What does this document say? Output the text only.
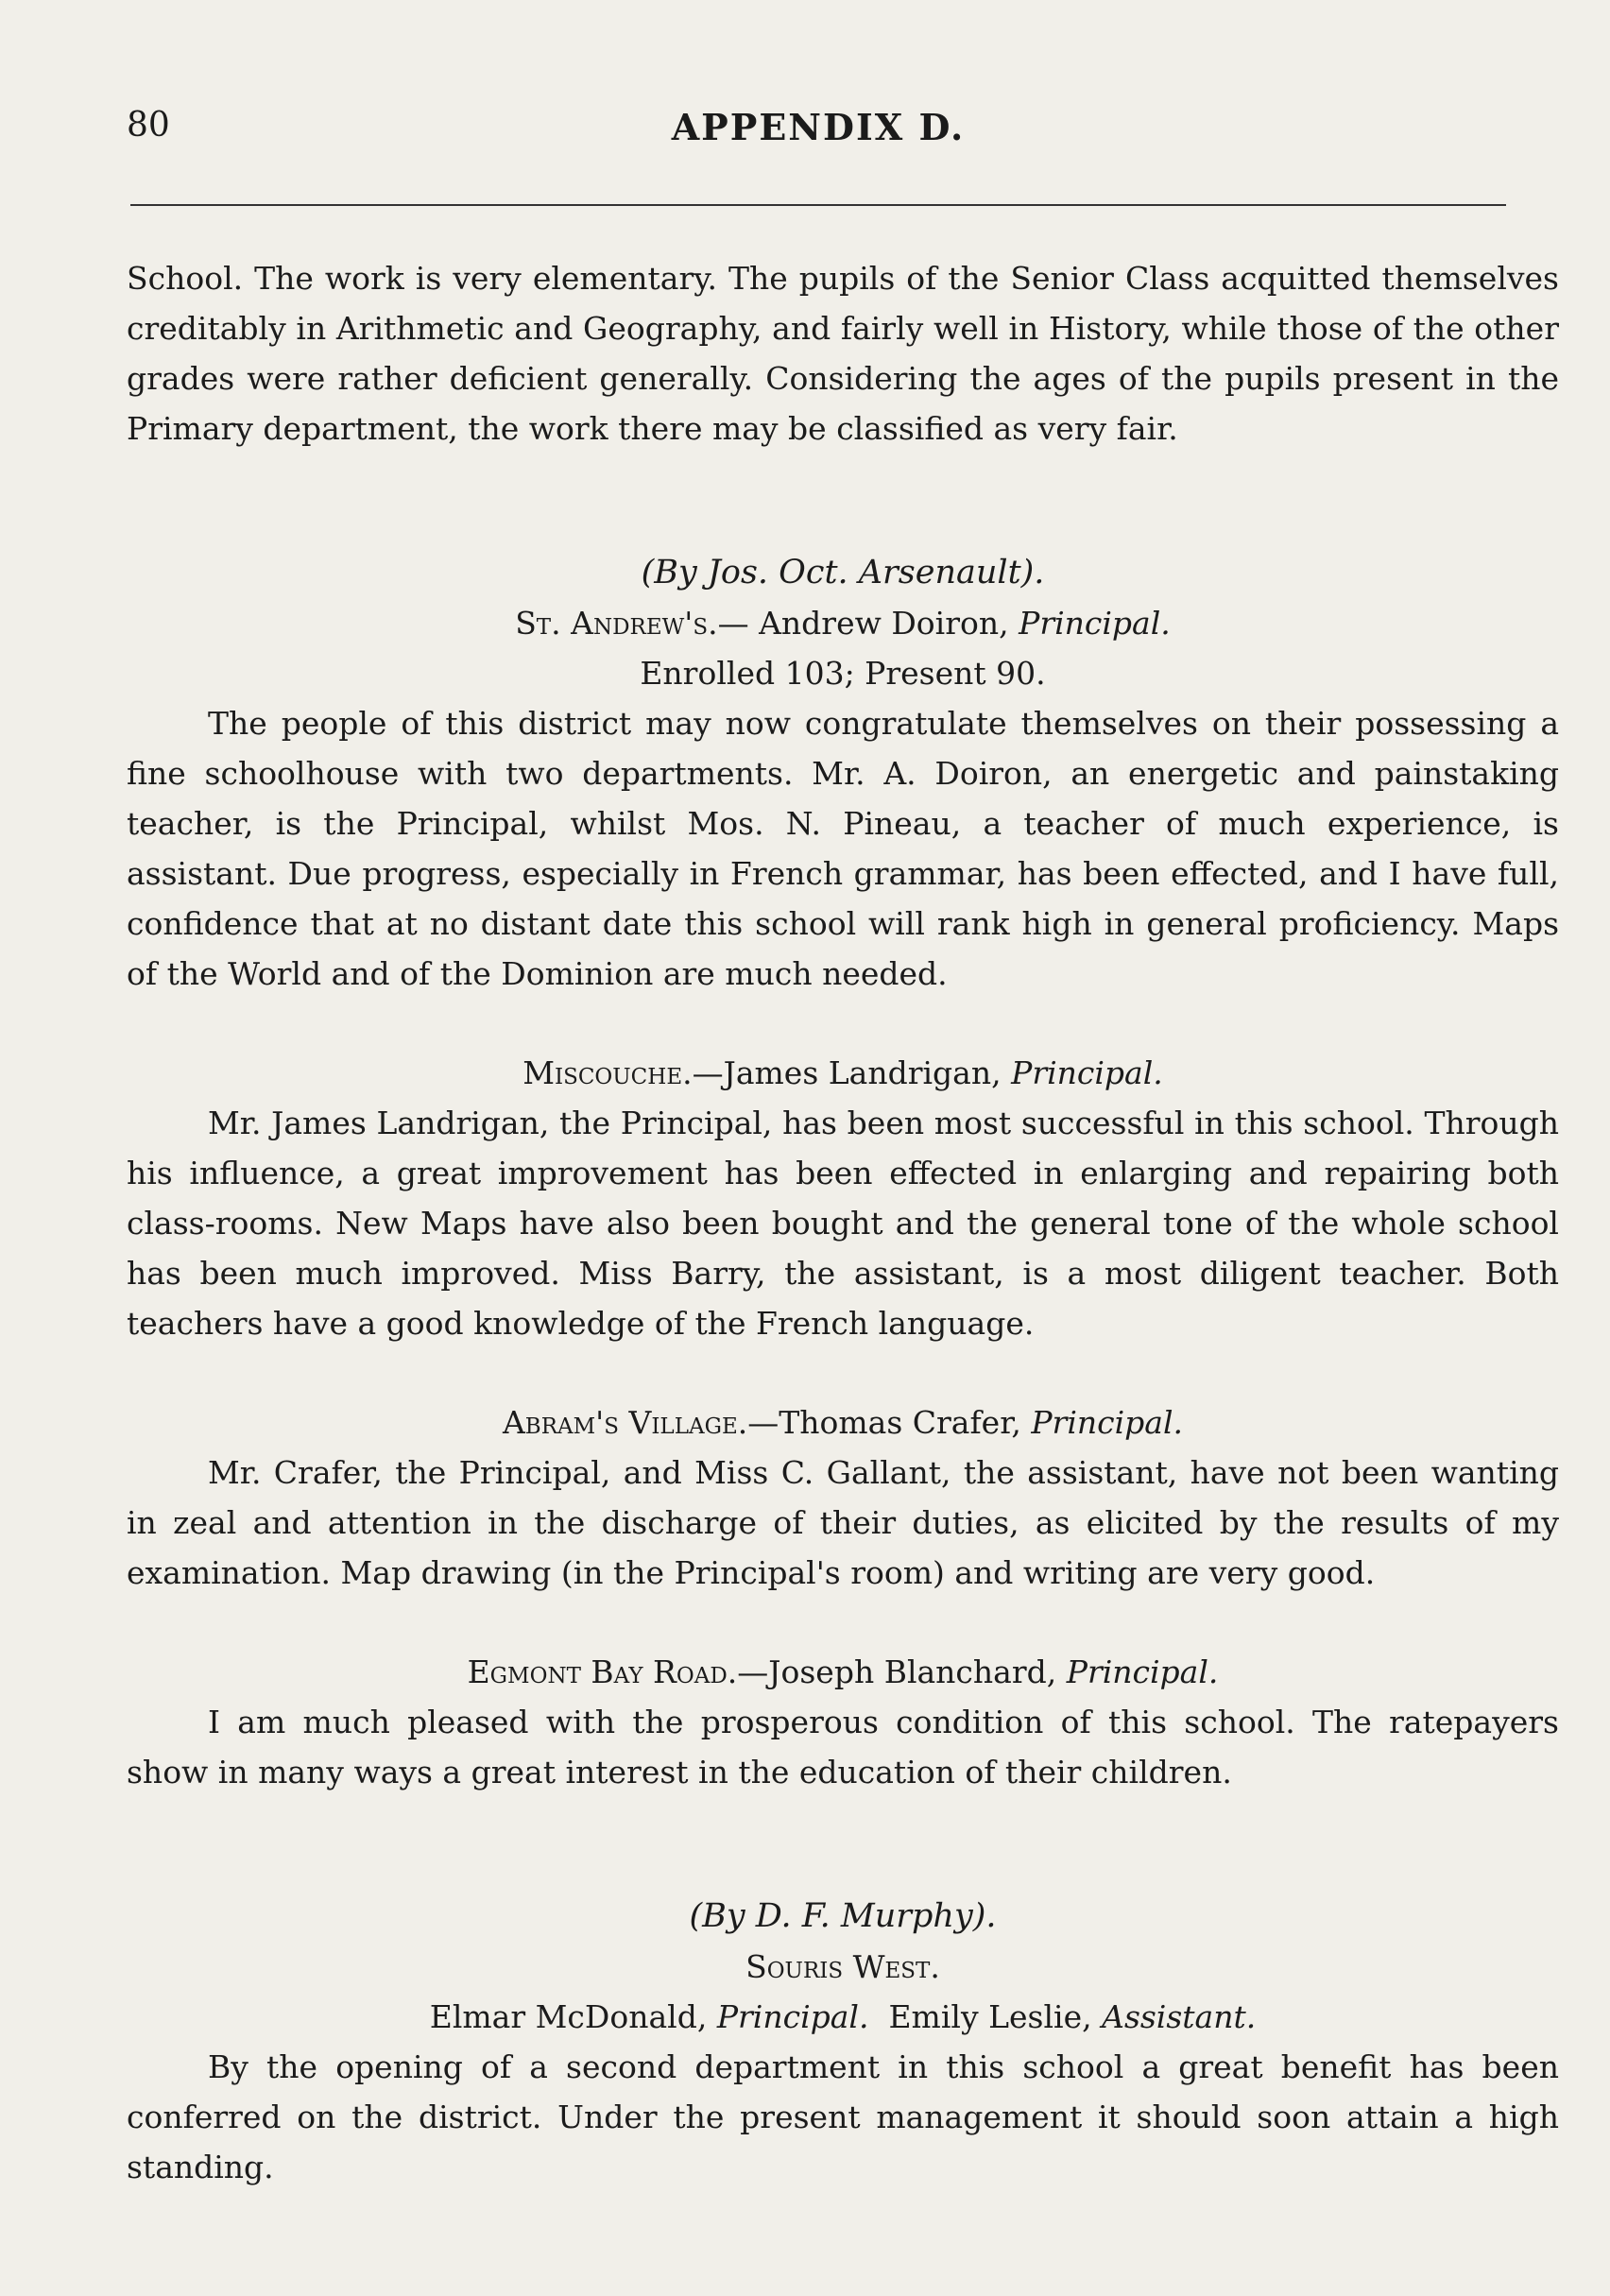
80	APPENDIX D.

School. The work is very elementary. The pupils of the Senior Class acquitted themselves creditably in Arithmetic and Geography, and fairly well in History, while those of the other grades were rather deficient generally. Considering the ages of the pupils present in the Primary department, the work there may be classified as very fair.

(By Jos. Oct. Arsenault).
St. Andrew's.— Andrew Doiron, Principal.
Enrolled 103; Present 90.

The people of this district may now congratulate themselves on their possessing a fine schoolhouse with two departments. Mr. A. Doiron, an energetic and painstaking teacher, is the Principal, whilst Mos. N. Pineau, a teacher of much experience, is assistant. Due progress, especially in French grammar, has been effected, and I have full, confidence that at no distant date this school will rank high in general proficiency. Maps of the World and of the Dominion are much needed.

Miscouche.—James Landrigan, Principal.

Mr. James Landrigan, the Principal, has been most successful in this school. Through his influence, a great improvement has been effected in enlarging and repairing both class-rooms. New Maps have also been bought and the general tone of the whole school has been much improved. Miss Barry, the assistant, is a most diligent teacher. Both teachers have a good knowledge of the French language.

Abram's Village.—Thomas Crafer, Principal.

Mr. Crafer, the Principal, and Miss C. Gallant, the assistant, have not been wanting in zeal and attention in the discharge of their duties, as elicited by the results of my examination. Map drawing (in the Principal's room) and writing are very good.

Egmont Bay Road.—Joseph Blanchard, Principal.

I am much pleased with the prosperous condition of this school. The ratepayers show in many ways a great interest in the education of their children.

(By D. F. Murphy).
Souris West.
Elmar McDonald, Principal. Emily Leslie, Assistant.

By the opening of a second department in this school a great benefit has been conferred on the district. Under the present management it should soon attain a high standing.
